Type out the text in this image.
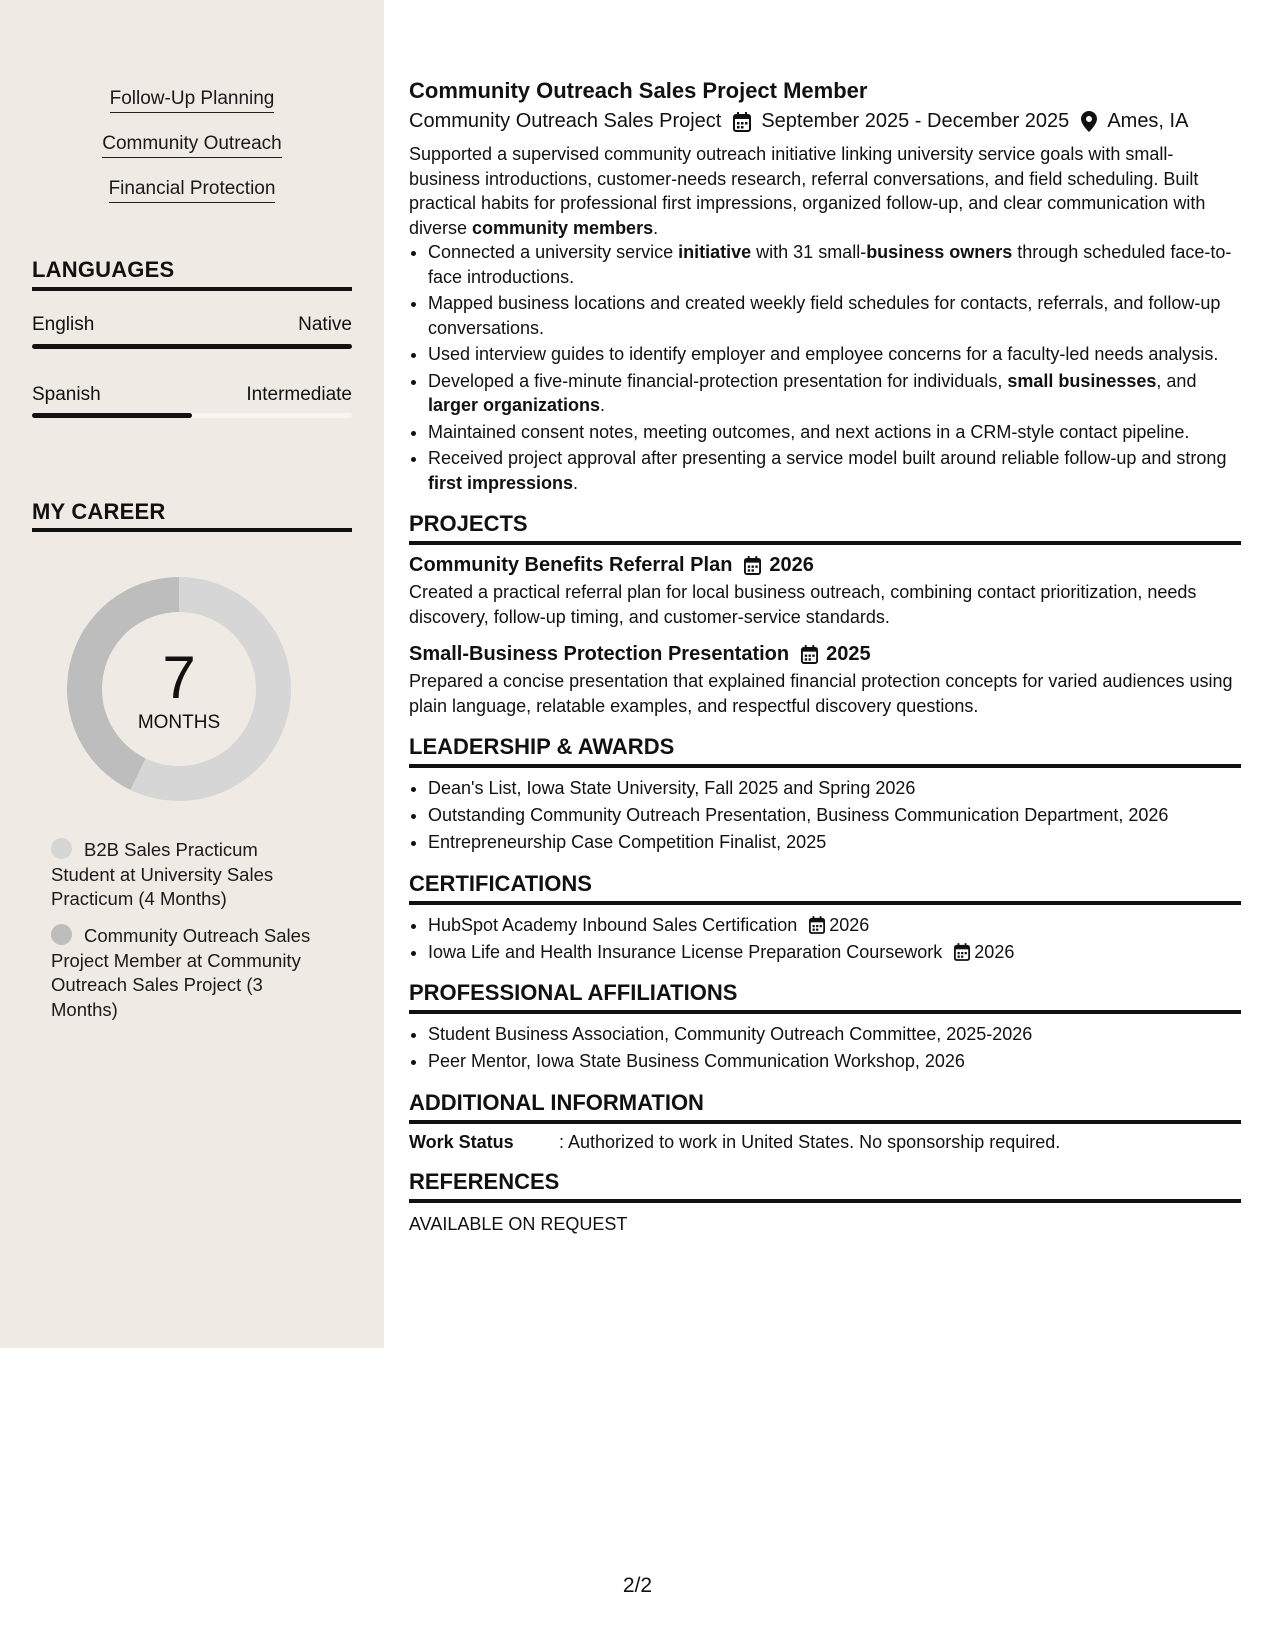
Follow-Up Planning
Community Outreach
Financial Protection
LANGUAGES
English	Native
Spanish	Intermediate
MY CAREER
7
MONTHS
B2B Sales Practicum Student at University Sales Practicum (4 Months)
Community Outreach Sales Project Member at Community Outreach Sales Project (3 Months)
Community Outreach Sales Project Member
Community Outreach Sales Project September 2025 - December 2025 Ames, IA

Supported a supervised community outreach initiative linking university service goals with small-business introductions, customer-needs research, referral conversations, and field scheduling. Built practical habits for professional first impressions, organized follow-up, and clear communication with diverse community members.

• Connected a university service initiative with 31 small-business owners through scheduled face-to-face introductions.
• Mapped business locations and created weekly field schedules for contacts, referrals, and follow-up conversations.
• Used interview guides to identify employer and employee concerns for a faculty-led needs analysis.
• Developed a five-minute financial-protection presentation for individuals, small businesses, and larger organizations.
• Maintained consent notes, meeting outcomes, and next actions in a CRM-style contact pipeline.
• Received project approval after presenting a service model built around reliable follow-up and strong first impressions.
PROJECTS
Community Benefits Referral Plan 2026

Created a practical referral plan for local business outreach, combining contact prioritization, needs discovery, follow-up timing, and customer-service standards.

Small-Business Protection Presentation 2025

Prepared a concise presentation that explained financial protection concepts for varied audiences using plain language, relatable examples, and respectful discovery questions.

LEADERSHIP & AWARDS
• Dean's List, Iowa State University, Fall 2025 and Spring 2026
• Outstanding Community Outreach Presentation, Business Communication Department, 2026
• Entrepreneurship Case Competition Finalist, 2025
CERTIFICATIONS
• HubSpot Academy Inbound Sales Certification 2026
• Iowa Life and Health Insurance License Preparation Coursework 2026
PROFESSIONAL AFFILIATIONS
• Student Business Association, Community Outreach Committee, 2025-2026
• Peer Mentor, Iowa State Business Communication Workshop, 2026
ADDITIONAL INFORMATION
Work Status	: Authorized to work in United States. No sponsorship required.
REFERENCES
AVAILABLE ON REQUEST
2/2
